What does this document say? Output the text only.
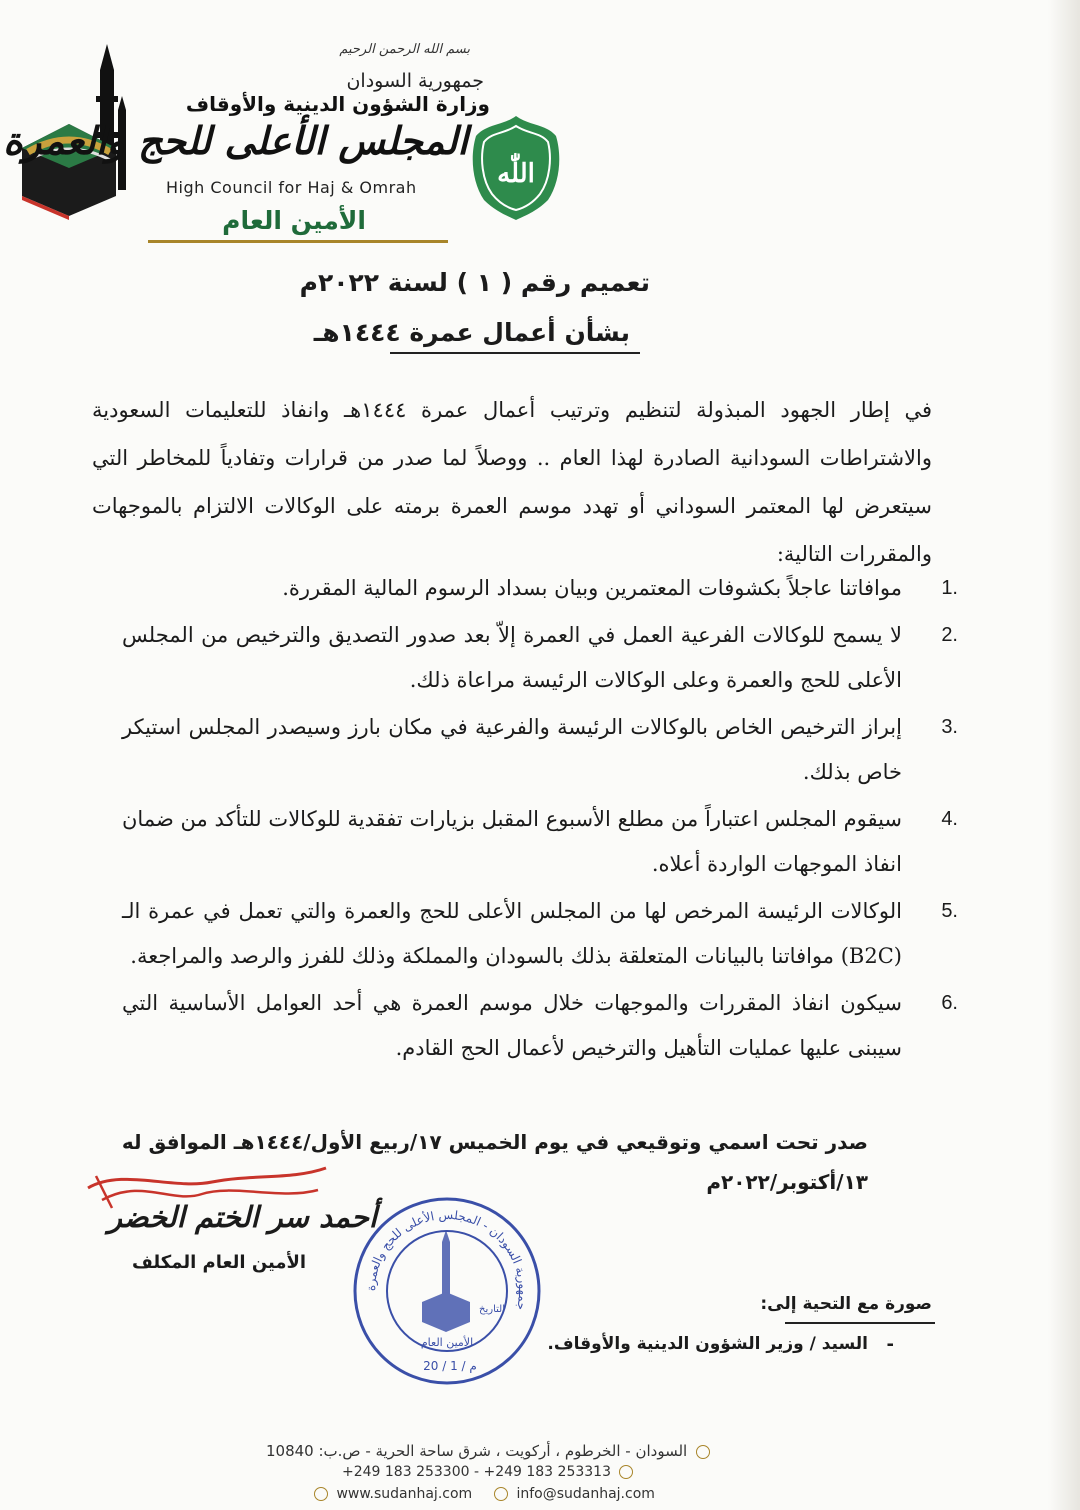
اللّٰه
بسم الله الرحمن الرحيم
جمهورية السودان
وزارة الشؤون الدينية والأوقاف
المجلس الأعلى للحج والعمرة
High Council for Haj & Omrah
الأمين العام
تعميم رقم ( ١ ) لسنة ٢٠٢٢م
بشأن أعمال عمرة ١٤٤٤هـ
في إطار الجهود المبذولة لتنظيم وترتيب أعمال عمرة ١٤٤٤هـ وانفاذ للتعليمات السعودية والاشتراطات السودانية الصادرة لهذا العام .. ووصلاً لما صدر من قرارات وتفادياً للمخاطر التي سيتعرض لها المعتمر السوداني أو تهدد موسم العمرة برمته على الوكالات الالتزام بالموجهات والمقررات التالية:
1.
موافاتنا عاجلاً بكشوفات المعتمرين وبيان بسداد الرسوم المالية المقررة.
2.
لا يسمح للوكالات الفرعية العمل في العمرة إلاّ بعد صدور التصديق والترخيص من المجلس الأعلى للحج والعمرة وعلى الوكالات الرئيسة مراعاة ذلك.
3.
إبراز الترخيص الخاص بالوكالات الرئيسة والفرعية في مكان بارز وسيصدر المجلس استيكر خاص بذلك.
4.
سيقوم المجلس اعتباراً من مطلع الأسبوع المقبل بزيارات تفقدية للوكالات للتأكد من ضمان انفاذ الموجهات الواردة أعلاه.
5.
الوكالات الرئيسة المرخص لها من المجلس الأعلى للحج والعمرة والتي تعمل في عمرة الـ (B2C) موافاتنا بالبيانات المتعلقة بذلك بالسودان والمملكة وذلك للفرز والرصد والمراجعة.
6.
سيكون انفاذ المقررات والموجهات خلال موسم العمرة هي أحد العوامل الأساسية التي سيبنى عليها عمليات التأهيل والترخيص لأعمال الحج القادم.
صدر تحت اسمي وتوقيعي في يوم الخميس ١٧/ربيع الأول/١٤٤٤هـ الموافق له ١٣/أكتوبر/٢٠٢٢م
أحمد سر الختم الخضر
الأمين العام المكلف
جمهورية السودان - المجلس الأعلى للحج والعمرة
الأمين العام
التاريخ
20 / 1 / م
صورة مع التحية إلى:
-
السيد / وزير الشؤون الدينية والأوقاف.
السودان - الخرطوم ، أركويت ، شرق ساحة الحرية - ص.ب: 10840
+249 183 253300 - +249 183 253313
www.sudanhaj.com	info@sudanhaj.com
